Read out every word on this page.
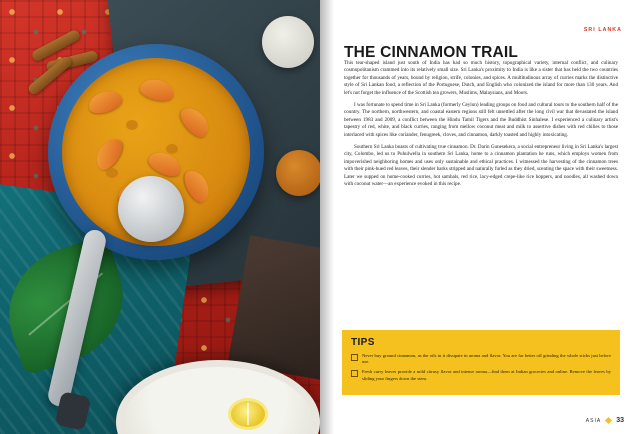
SRI LANKA
THE CINNAMON TRAIL

This tear-shaped island just south of India has had so much history, topographical variety, internal conflict, and culinary cosmopolitanism crammed into its relatively small size. Sri Lanka's proximity to India is like a sister that has held the two countries together for thousands of years, bound by religion, strife, colonies, and spices. A multitudinous array of curries marks the distinctive style of Sri Lankan food, a reflection of the Portuguese, Dutch, and English who colonized the island for more than 130 years. And let's not forget the influence of the Scottish tea growers, Muslims, Malaysians, and Moors.

I was fortunate to spend time in Sri Lanka (formerly Ceylon) leading groups on food and cultural tours to the southern half of the country. The northern, northwestern, and coastal eastern regions still felt unsettled after the long civil war that devastated the island between 1983 and 2009, a conflict between the Hindu Tamil Tigers and the Buddhist Sinhalese. I experienced a culinary artist's tapestry of red, white, and black curries, ranging from mellow coconut meat and milk to assertive dishes with red chilies to those interlaced with spices like coriander, fenugreek, cloves, and cinnamon, darkly toasted and highly intoxicating.

Southern Sri Lanka boasts of cultivating true cinnamon. Dr. Darin Gunesekera, a social entrepreneur living in Sri Lanka's largest city, Colombo, led us to Puhulwella in southern Sri Lanka, home to a cinnamon plantation he runs, which employs women from impoverished neighboring homes and uses only sustainable and ethical practices. I witnessed the harvesting of the cinnamon trees with their pink-hued red leaves, their slender barks stripped and naturally furled as they dried, scenting the space with their sweetness. Later we supped on home-cooked curries, hot sambals, red rice, lacy-edged crepe-like rice hoppers, and noodles, all washed down with coconut water—an experience evoked in this recipe.

TIPS
Never buy ground cinnamon, as the oils in it dissipate in aroma and flavor. You are far better off grinding the whole sticks just before use.
Fresh curry leaves provide a mild citrusy flavor and intense aroma—find them at Indian groceries and online. Remove the leaves by sliding your fingers down the stem.
ASIA 33
